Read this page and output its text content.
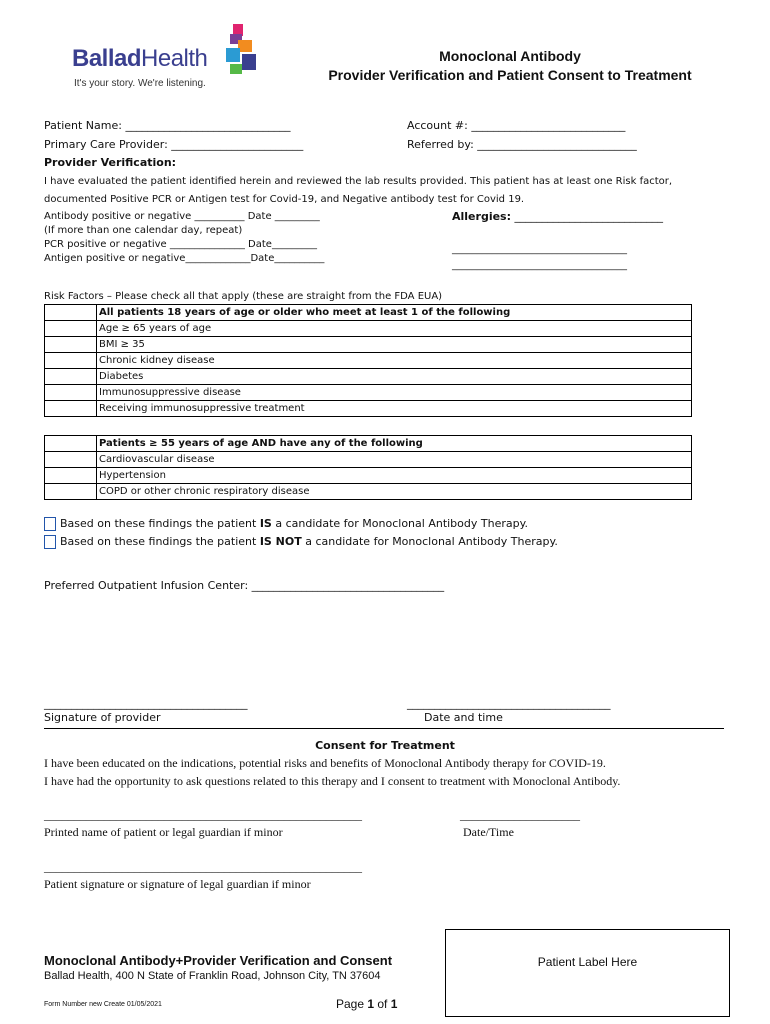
BalladHealth
It's your story. We're listening.
Monoclonal Antibody
Provider Verification and Patient Consent to Treatment
Patient Name: ______________________________	Account #: ____________________________
Primary Care Provider: ________________________	Referred by: _____________________________
Provider Verification:
I have evaluated the patient identified herein and reviewed the lab results provided. This patient has at least one Risk factor,
documented Positive PCR or Antigen test for Covid-19, and Negative antibody test for Covid 19.
Antibody positive or negative __________ Date _________
(If more than one calendar day, repeat)
PCR positive or negative _______________ Date_________
Antigen positive or negative_____________Date__________
Allergies: ___________________________
___________________________________
___________________________________
Risk Factors – Please check all that apply (these are straight from the FDA EUA)
	All patients 18 years of age or older who meet at least 1 of the following
	Age ≥ 65 years of age
	BMI ≥ 35
	Chronic kidney disease
	Diabetes
	Immunosuppressive disease
	Receiving immunosuppressive treatment
	Patients ≥ 55 years of age AND have any of the following
	Cardiovascular disease
	Hypertension
	COPD or other chronic respiratory disease
Based on these findings the patient IS a candidate for Monoclonal Antibody Therapy.
Based on these findings the patient IS NOT a candidate for Monoclonal Antibody Therapy.
Preferred Outpatient Infusion Center: ___________________________________
_____________________________________	_____________________________________
Signature of provider	Date and time
Consent for Treatment
I have been educated on the indications, potential risks and benefits of Monoclonal Antibody therapy for COVID-19.
I have had the opportunity to ask questions related to this therapy and I consent to treatment with Monoclonal Antibody.
_____________________________________________________	____________________
Printed name of patient or legal guardian if minor	Date/Time
_____________________________________________________
Patient signature or signature of legal guardian if minor
Monoclonal Antibody+Provider Verification and Consent
Ballad Health, 400 N State of Franklin Road, Johnson City, TN 37604
Form Number new Create 01/05/2021	Page 1 of 1
Patient Label Here
